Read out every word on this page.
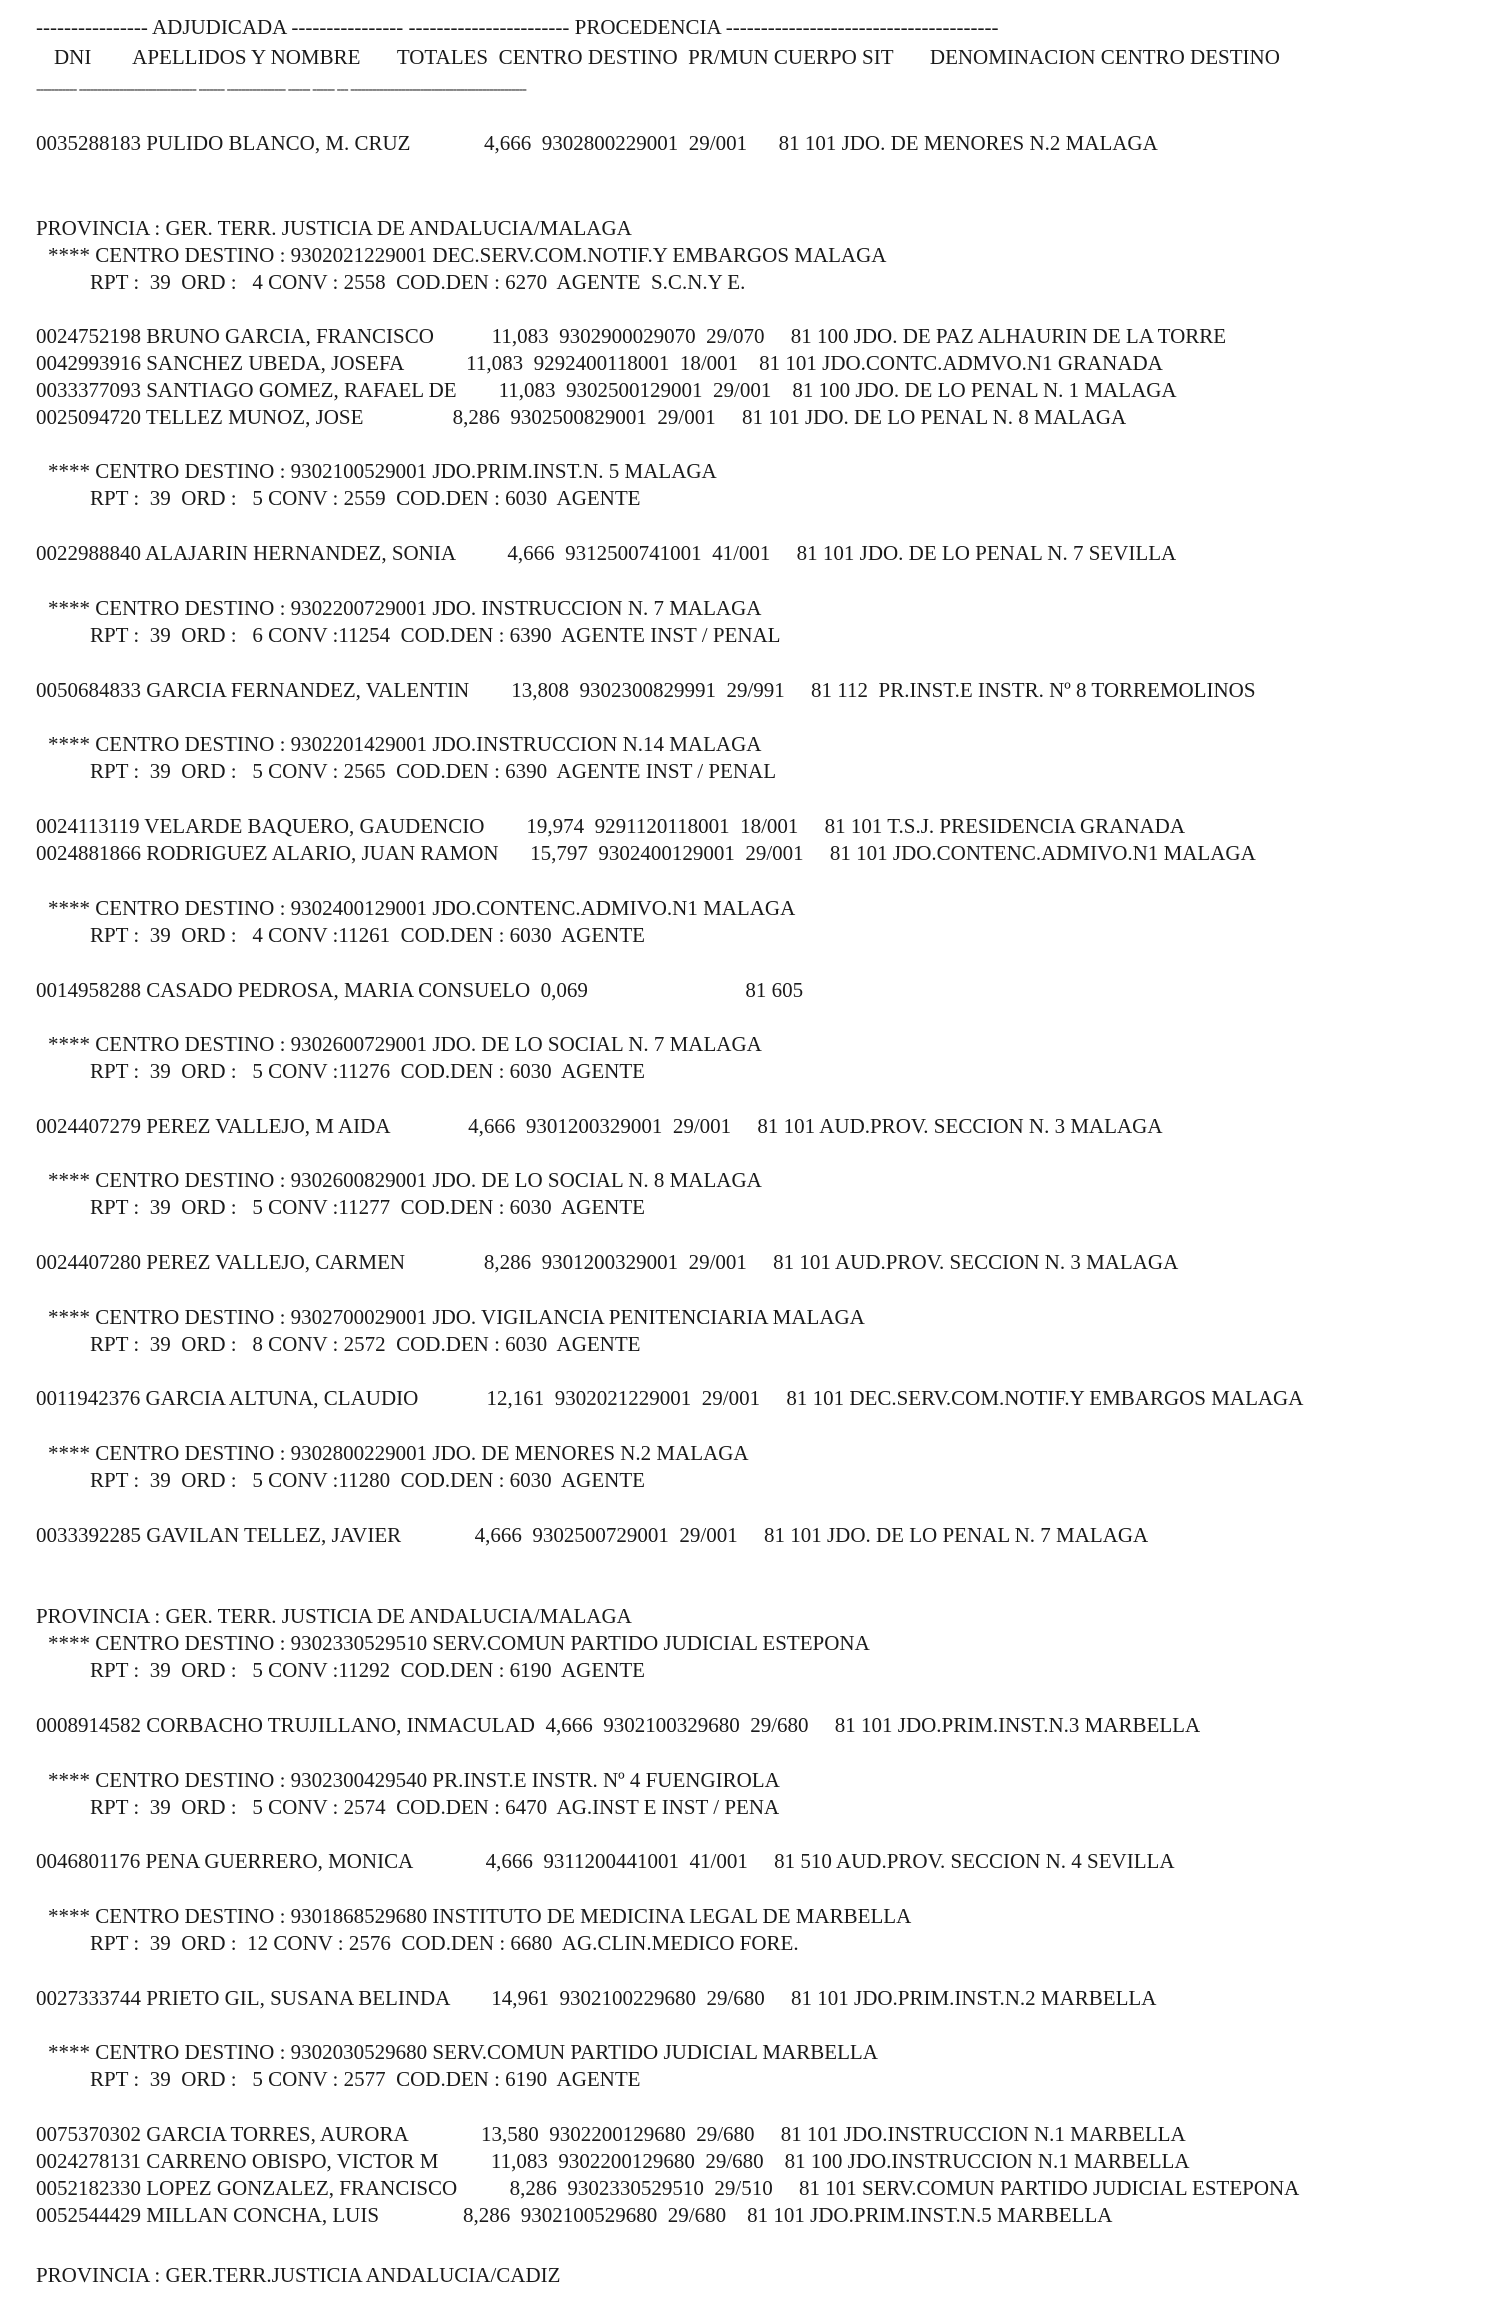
---------------- ADJUDICADA ---------------- ----------------------- PROCEDENCIA ---------------------------------------
DNI        APELLIDOS Y NOMBRE       TOTALES  CENTRO DESTINO  PR/MUN CUERPO SIT       DENOMINACION CENTRO DESTINO
----------- -------------------------------- ------- ---------------- ------ ------ --- ------------------------------------------------
0035288183 PULIDO BLANCO, M. CRUZ              4,666  9302800229001  29/001      81 101 JDO. DE MENORES N.2 MALAGA
PROVINCIA : GER. TERR. JUSTICIA DE ANDALUCIA/MALAGA
**** CENTRO DESTINO : 9302021229001 DEC.SERV.COM.NOTIF.Y EMBARGOS MALAGA
RPT :  39  ORD :   4 CONV : 2558  COD.DEN : 6270  AGENTE  S.C.N.Y E.
0024752198 BRUNO GARCIA, FRANCISCO           11,083  9302900029070  29/070     81 100 JDO. DE PAZ ALHAURIN DE LA TORRE
0042993916 SANCHEZ UBEDA, JOSEFA            11,083  9292400118001  18/001    81 101 JDO.CONTC.ADMVO.N1 GRANADA
0033377093 SANTIAGO GOMEZ, RAFAEL DE        11,083  9302500129001  29/001    81 100 JDO. DE LO PENAL N. 1 MALAGA
0025094720 TELLEZ MUNOZ, JOSE                 8,286  9302500829001  29/001     81 101 JDO. DE LO PENAL N. 8 MALAGA
**** CENTRO DESTINO : 9302100529001 JDO.PRIM.INST.N. 5 MALAGA
RPT :  39  ORD :   5 CONV : 2559  COD.DEN : 6030  AGENTE
0022988840 ALAJARIN HERNANDEZ, SONIA          4,666  9312500741001  41/001     81 101 JDO. DE LO PENAL N. 7 SEVILLA
**** CENTRO DESTINO : 9302200729001 JDO. INSTRUCCION N. 7 MALAGA
RPT :  39  ORD :   6 CONV :11254  COD.DEN : 6390  AGENTE INST / PENAL
0050684833 GARCIA FERNANDEZ, VALENTIN        13,808  9302300829991  29/991     81 112  PR.INST.E INSTR. Nº 8 TORREMOLINOS
**** CENTRO DESTINO : 9302201429001 JDO.INSTRUCCION N.14 MALAGA
RPT :  39  ORD :   5 CONV : 2565  COD.DEN : 6390  AGENTE INST / PENAL
0024113119 VELARDE BAQUERO, GAUDENCIO        19,974  9291120118001  18/001     81 101 T.S.J. PRESIDENCIA GRANADA
0024881866 RODRIGUEZ ALARIO, JUAN RAMON      15,797  9302400129001  29/001     81 101 JDO.CONTENC.ADMIVO.N1 MALAGA
**** CENTRO DESTINO : 9302400129001 JDO.CONTENC.ADMIVO.N1 MALAGA
RPT :  39  ORD :   4 CONV :11261  COD.DEN : 6030  AGENTE
0014958288 CASADO PEDROSA, MARIA CONSUELO  0,069                              81 605
**** CENTRO DESTINO : 9302600729001 JDO. DE LO SOCIAL N. 7 MALAGA
RPT :  39  ORD :   5 CONV :11276  COD.DEN : 6030  AGENTE
0024407279 PEREZ VALLEJO, M AIDA               4,666  9301200329001  29/001     81 101 AUD.PROV. SECCION N. 3 MALAGA
**** CENTRO DESTINO : 9302600829001 JDO. DE LO SOCIAL N. 8 MALAGA
RPT :  39  ORD :   5 CONV :11277  COD.DEN : 6030  AGENTE
0024407280 PEREZ VALLEJO, CARMEN               8,286  9301200329001  29/001     81 101 AUD.PROV. SECCION N. 3 MALAGA
**** CENTRO DESTINO : 9302700029001 JDO. VIGILANCIA PENITENCIARIA MALAGA
RPT :  39  ORD :   8 CONV : 2572  COD.DEN : 6030  AGENTE
0011942376 GARCIA ALTUNA, CLAUDIO             12,161  9302021229001  29/001     81 101 DEC.SERV.COM.NOTIF.Y EMBARGOS MALAGA
**** CENTRO DESTINO : 9302800229001 JDO. DE MENORES N.2 MALAGA
RPT :  39  ORD :   5 CONV :11280  COD.DEN : 6030  AGENTE
0033392285 GAVILAN TELLEZ, JAVIER              4,666  9302500729001  29/001     81 101 JDO. DE LO PENAL N. 7 MALAGA
PROVINCIA : GER. TERR. JUSTICIA DE ANDALUCIA/MALAGA
**** CENTRO DESTINO : 9302330529510 SERV.COMUN PARTIDO JUDICIAL ESTEPONA
RPT :  39  ORD :   5 CONV :11292  COD.DEN : 6190  AGENTE
0008914582 CORBACHO TRUJILLANO, INMACULAD  4,666  9302100329680  29/680     81 101 JDO.PRIM.INST.N.3 MARBELLA
**** CENTRO DESTINO : 9302300429540 PR.INST.E INSTR. Nº 4 FUENGIROLA
RPT :  39  ORD :   5 CONV : 2574  COD.DEN : 6470  AG.INST E INST / PENA
0046801176 PENA GUERRERO, MONICA              4,666  9311200441001  41/001     81 510 AUD.PROV. SECCION N. 4 SEVILLA
**** CENTRO DESTINO : 9301868529680 INSTITUTO DE MEDICINA LEGAL DE MARBELLA
RPT :  39  ORD :  12 CONV : 2576  COD.DEN : 6680  AG.CLIN.MEDICO FORE.
0027333744 PRIETO GIL, SUSANA BELINDA        14,961  9302100229680  29/680     81 101 JDO.PRIM.INST.N.2 MARBELLA
**** CENTRO DESTINO : 9302030529680 SERV.COMUN PARTIDO JUDICIAL MARBELLA
RPT :  39  ORD :   5 CONV : 2577  COD.DEN : 6190  AGENTE
0075370302 GARCIA TORRES, AURORA              13,580  9302200129680  29/680     81 101 JDO.INSTRUCCION N.1 MARBELLA
0024278131 CARRENO OBISPO, VICTOR M          11,083  9302200129680  29/680    81 100 JDO.INSTRUCCION N.1 MARBELLA
0052182330 LOPEZ GONZALEZ, FRANCISCO          8,286  9302330529510  29/510     81 101 SERV.COMUN PARTIDO JUDICIAL ESTEPONA
0052544429 MILLAN CONCHA, LUIS                8,286  9302100529680  29/680    81 101 JDO.PRIM.INST.N.5 MARBELLA
PROVINCIA : GER.TERR.JUSTICIA ANDALUCIA/CADIZ
